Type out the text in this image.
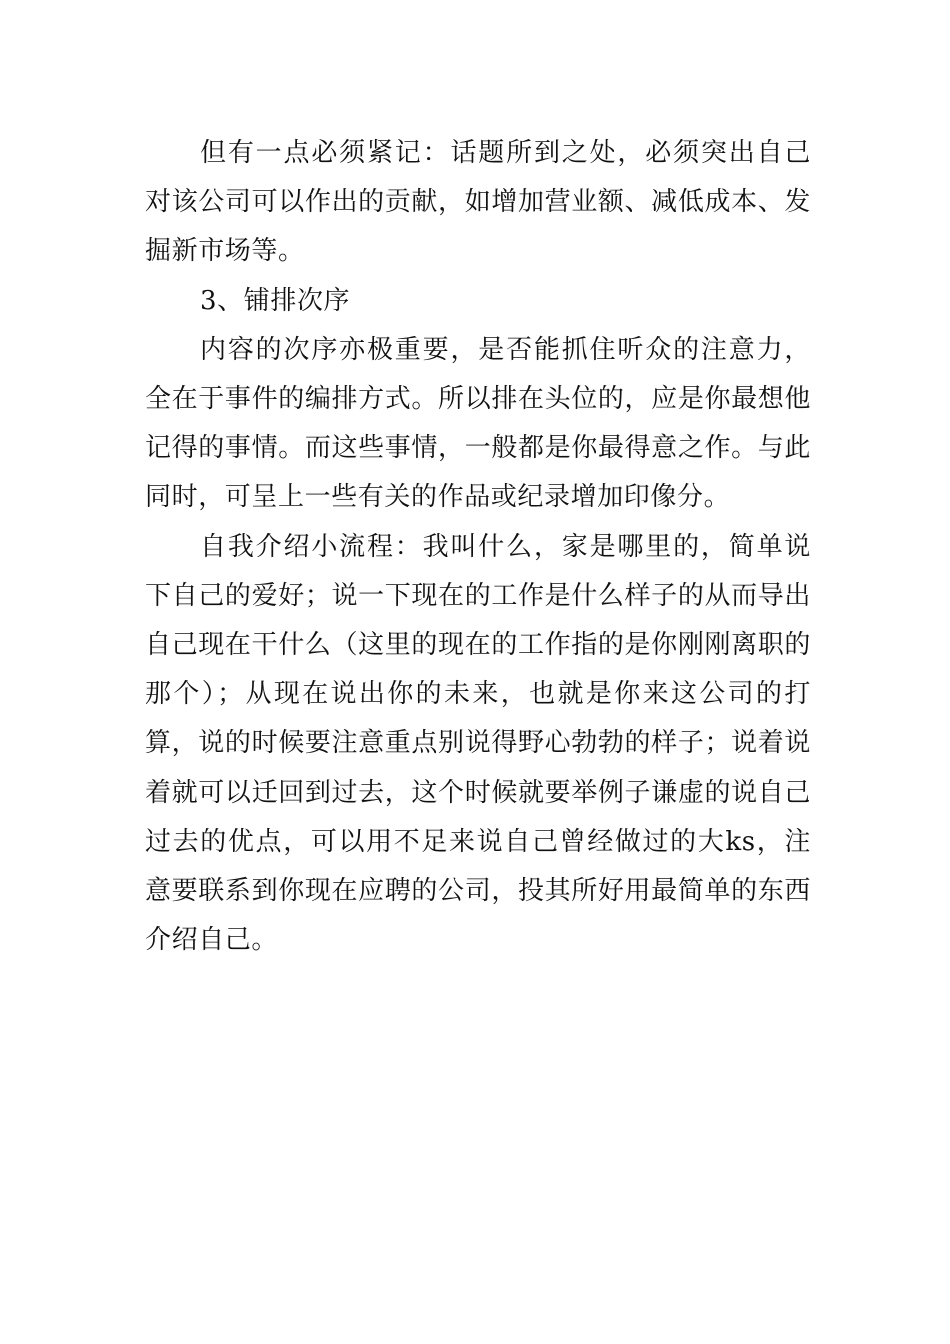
但有一点必须紧记：话题所到之处，必须突出自己对该公司可以作出的贡献，如增加营业额、减低成本、发掘新市场等。

3、铺排次序

内容的次序亦极重要，是否能抓住听众的注意力，全在于事件的编排方式。所以排在头位的，应是你最想他记得的事情。而这些事情，一般都是你最得意之作。与此同时，可呈上一些有关的作品或纪录增加印像分。

自我介绍小流程：我叫什么，家是哪里的，简单说下自己的爱好；说一下现在的工作是什么样子的从而导出自己现在干什么（这里的现在的工作指的是你刚刚离职的那个）；从现在说出你的未来，也就是你来这公司的打算，说的时候要注意重点别说得野心勃勃的样子；说着说着就可以迁回到过去，这个时候就要举例子谦虚的说自己过去的优点，可以用不足来说自己曾经做过的大ks，注意要联系到你现在应聘的公司，投其所好用最简单的东西介绍自己。
